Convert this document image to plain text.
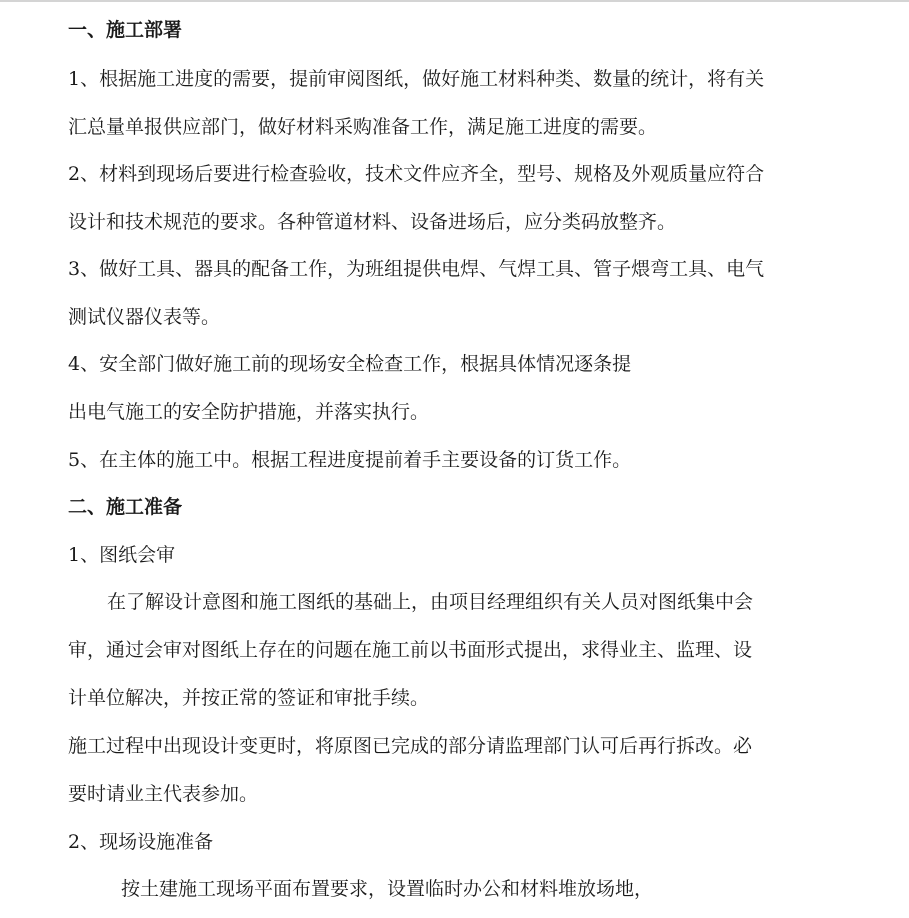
一、施工部署
1、根据施工进度的需要，提前审阅图纸，做好施工材料种类、数量的统计，将有关
汇总量单报供应部门，做好材料采购准备工作，满足施工进度的需要。
2、材料到现场后要进行检查验收，技术文件应齐全，型号、规格及外观质量应符合
设计和技术规范的要求。各种管道材料、设备进场后，应分类码放整齐。
3、做好工具、器具的配备工作，为班组提供电焊、气焊工具、管子煨弯工具、电气
测试仪器仪表等。
4、安全部门做好施工前的现场安全检查工作，根据具体情况逐条提
出电气施工的安全防护措施，并落实执行。
5、在主体的施工中。根据工程进度提前着手主要设备的订货工作。
二、施工准备
1、图纸会审
在了解设计意图和施工图纸的基础上，由项目经理组织有关人员对图纸集中会
审，通过会审对图纸上存在的问题在施工前以书面形式提出，求得业主、监理、设
计单位解决，并按正常的签证和审批手续。
施工过程中出现设计变更时，将原图已完成的部分请监理部门认可后再行拆改。必
要时请业主代表参加。
2、现场设施准备
按土建施工现场平面布置要求，设置临时办公和材料堆放场地，
